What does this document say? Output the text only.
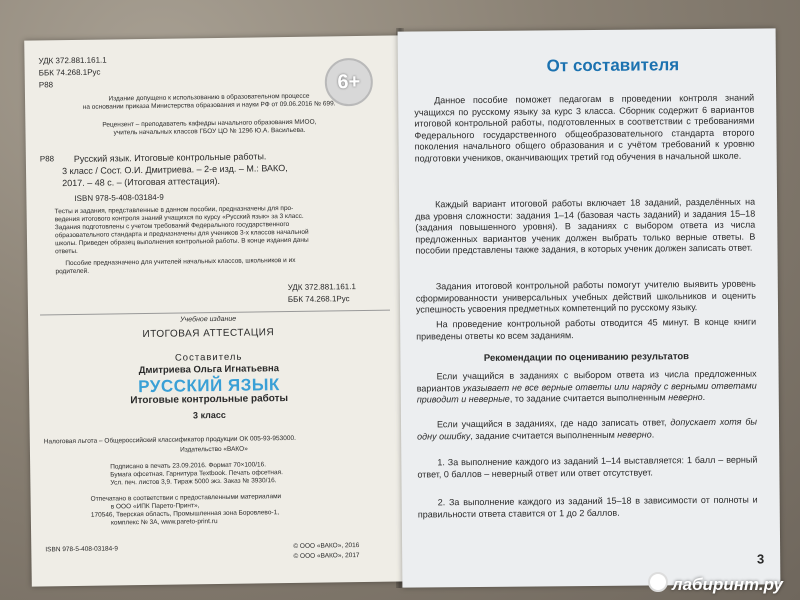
УДК 372.881.161.1
ББК 74.268.1Рус
Р88	6+
Издание допущено к использованию в образовательном процессе
на основании приказа Министерства образования и науки РФ от 09.06.2016 № 699.
Рецензент – преподаватель кафедры начального образования МИОО,
учитель начальных классов ГБОУ ЦО № 1296 Ю.А. Васильева.
Р88 Русский язык. Итоговые контрольные работы.
3 класс / Сост. О.И. Дмитриева. – 2-е изд. – М.: ВАКО,
2017. – 48 с. – (Итоговая аттестация).
ISBN 978-5-408-03184-9
Тесты и задания, представленные в данном пособии, предназначены для про-
ведения итогового контроля знаний учащихся по курсу «Русский язык» за 3 класс.
Задания подготовлены с учетом требований Федерального государственного
образовательного стандарта и предназначены для учеников 3-х классов начальной
школы. Приведен образец выполнения контрольной работы. В конце издания даны
ответы.
Пособие предназначено для учителей начальных классов, школьников и их
родителей.
УДК 372.881.161.1
ББК 74.268.1Рус
Учебное издание
ИТОГОВАЯ АТТЕСТАЦИЯ
Составитель
Дмитриева Ольга Игнатьевна
РУССКИЙ ЯЗЫК
Итоговые контрольные работы
3 класс
Налоговая льгота – Общероссийский классификатор продукции ОК 005-93-953000.
Издательство «ВАКО»
Подписано в печать 23.09.2016. Формат 70×100/16.
Бумага офсетная. Гарнитура Textbook. Печать офсетная.
Усл. печ. листов 3,9. Тираж 5000 экз. Заказ № 3930/16.
Отпечатано в соответствии с предоставленными материалами
в ООО «ИПК Парето-Принт»,
170546, Тверская область, Промышленная зона Боровлево-1,
комплекс № 3А, www.pareto-print.ru
ISBN 978-5-408-03184-9	© ООО «ВАКО», 2016
© ООО «ВАКО», 2017
От составителя
Данное пособие поможет педагогам в проведении контроля знаний учащихся по русскому языку за курс 3 класса. Сборник содержит 6 вариантов итоговой контрольной работы, подготовленных в соответствии с требованиями Федерального государственного общеобразовательного стандарта второго поколения начального общего образования и с учётом требований к уровню подготовки учеников, оканчивающих третий год обучения в начальной школе.
Каждый вариант итоговой работы включает 18 заданий, разделённых на два уровня сложности: задания 1–14 (базовая часть заданий) и задания 15–18 (задания повышенного уровня). В заданиях с выбором ответа из числа предложенных вариантов ученик должен выбрать только верные ответы. В пособии представлены также задания, в которых ученик должен записать ответ.
Задания итоговой контрольной работы помогут учителю выявить уровень сформированности универсальных учебных действий школьников и оценить успешность усвоения предметных компетенций по русскому языку.
На проведение контрольной работы отводится 45 минут. В конце книги приведены ответы ко всем заданиям.
Рекомендации по оцениванию результатов
Если учащийся в заданиях с выбором ответа из числа предложенных вариантов указывает не все верные ответы или наряду с верными ответами приводит и неверные, то задание считается выполненным неверно.
Если учащийся в заданиях, где надо записать ответ, допускает хотя бы одну ошибку, задание считается выполненным неверно.
1. За выполнение каждого из заданий 1–14 выставляется: 1 балл – верный ответ, 0 баллов – неверный ответ или ответ отсутствует.
2. За выполнение каждого из заданий 15–18 в зависимости от полноты и правильности ответа ставится от 1 до 2 баллов.
3
лабиринт.ру
